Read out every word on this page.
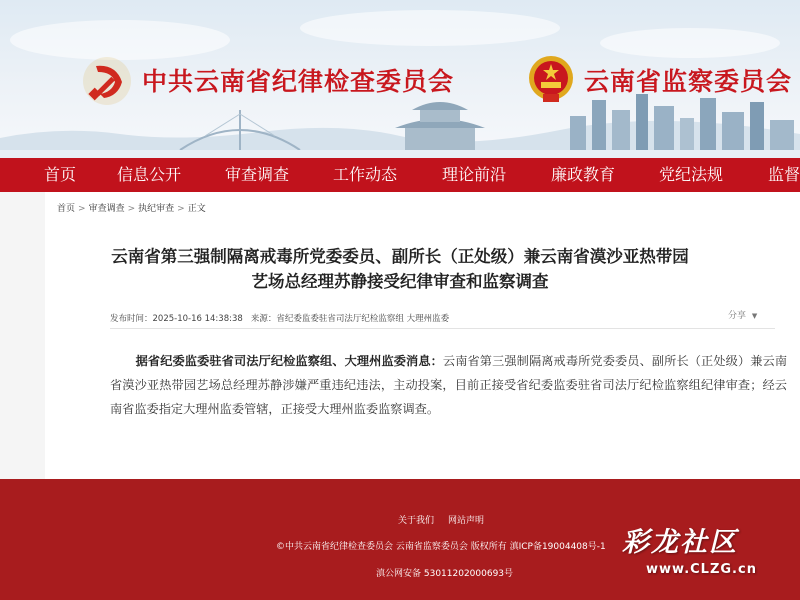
中共云南省纪律检查委员会	云南省监察委员会
首页	信息公开	审查调查	工作动态	理论前沿	廉政教育	党纪法规	监督
首页 > 审查调查 > 执纪审查 > 正文
云南省第三强制隔离戒毒所党委委员、副所长（正处级）兼云南省漠沙亚热带园艺场总经理苏静接受纪律审查和监察调查
发布时间：2025-10-16 14:38:38 来源：省纪委监委驻省司法厅纪检监察组 大理州监委	分享 ▼

据省纪委监委驻省司法厅纪检监察组、大理州监委消息：云南省第三强制隔离戒毒所党委委员、副所长（正处级）兼云南省漠沙亚热带园艺场总经理苏静涉嫌严重违纪违法，主动投案，目前正接受省纪委监委驻省司法厅纪检监察组纪律审查；经云南省监委指定大理州监委管辖，正接受大理州监委监察调查。

关于我们 网站声明
©中共云南省纪律检查委员会 云南省监察委员会 版权所有 滇ICP备19004408号-1
滇公网安备 53011202000693号
彩龙社区
www.CLZG.cn
